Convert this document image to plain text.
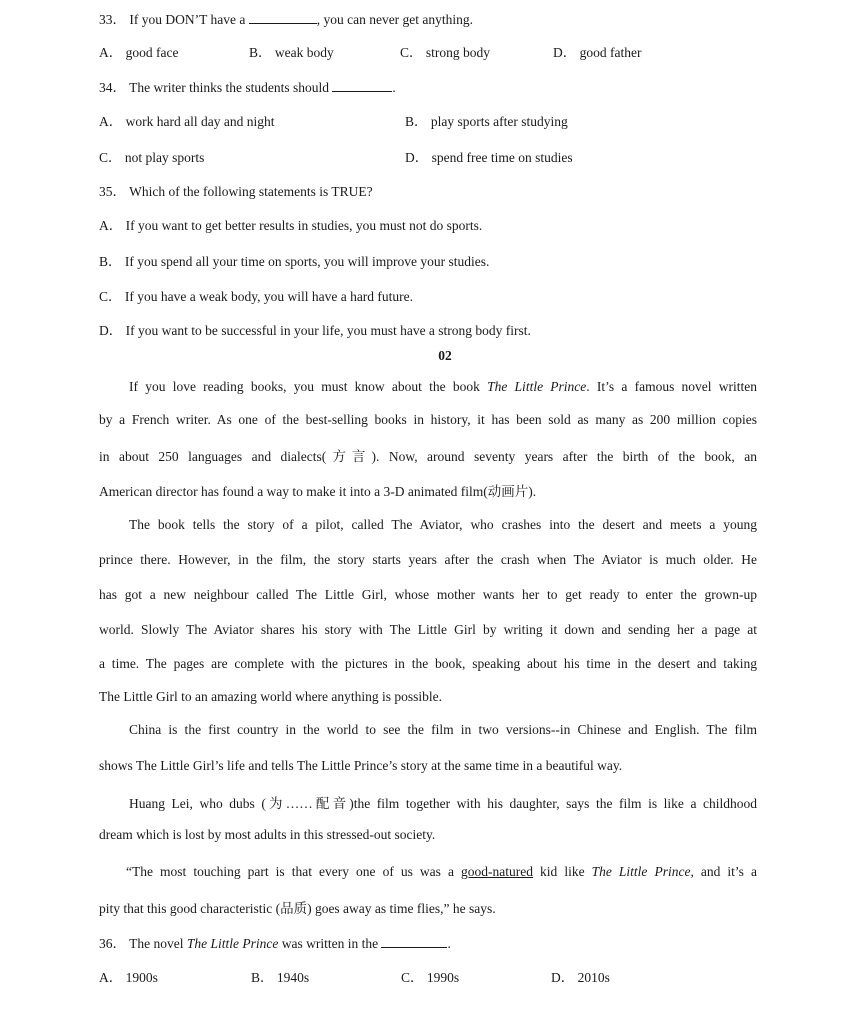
33． If you DON’T have a	, you can never get anything.
A． good face	B． weak body	C． strong body	D． good father
34． The writer thinks the students should	.
A． work hard all day and night	B． play sports after studying
C． not play sports	D． spend free time on studies
35． Which of the following statements is TRUE?
A． If you want to get better results in studies, you must not do sports.
B． If you spend all your time on sports, you will improve your studies.
C． If you have a weak body, you will have a hard future.
D． If you want to be successful in your life, you must have a strong body first.
02
If you love reading books, you must know about the book The Little Prince. It’s a famous novel written
by a French writer. As one of the best-selling books in history, it has been sold as many as 200 million copies
in about 250 languages and dialects(方言). Now, around seventy years after the birth of the book, an
American director has found a way to make it into a 3-D animated film(动画片).
The book tells the story of a pilot, called The Aviator, who crashes into the desert and meets a young
prince there. However, in the film, the story starts years after the crash when The Aviator is much older. He
has got a new neighbour called The Little Girl, whose mother wants her to get ready to enter the grown-up
world. Slowly The Aviator shares his story with The Little Girl by writing it down and sending her a page at
a time. The pages are complete with the pictures in the book, speaking about his time in the desert and taking
The Little Girl to an amazing world where anything is possible.
China is the first country in the world to see the film in two versions--in Chinese and English. The film
shows The Little Girl’s life and tells The Little Prince’s story at the same time in a beautiful way.
Huang Lei, who dubs (为……配音)the film together with his daughter, says the film is like a childhood
dream which is lost by most adults in this stressed-out society.
“The most touching part is that every one of us was a good-natured kid like The Little Prince, and it’s a
pity that this good characteristic (品质) goes away as time flies,” he says.
36． The novel The Little Prince was written in the	.
A． 1900s	B． 1940s	C． 1990s	D． 2010s
